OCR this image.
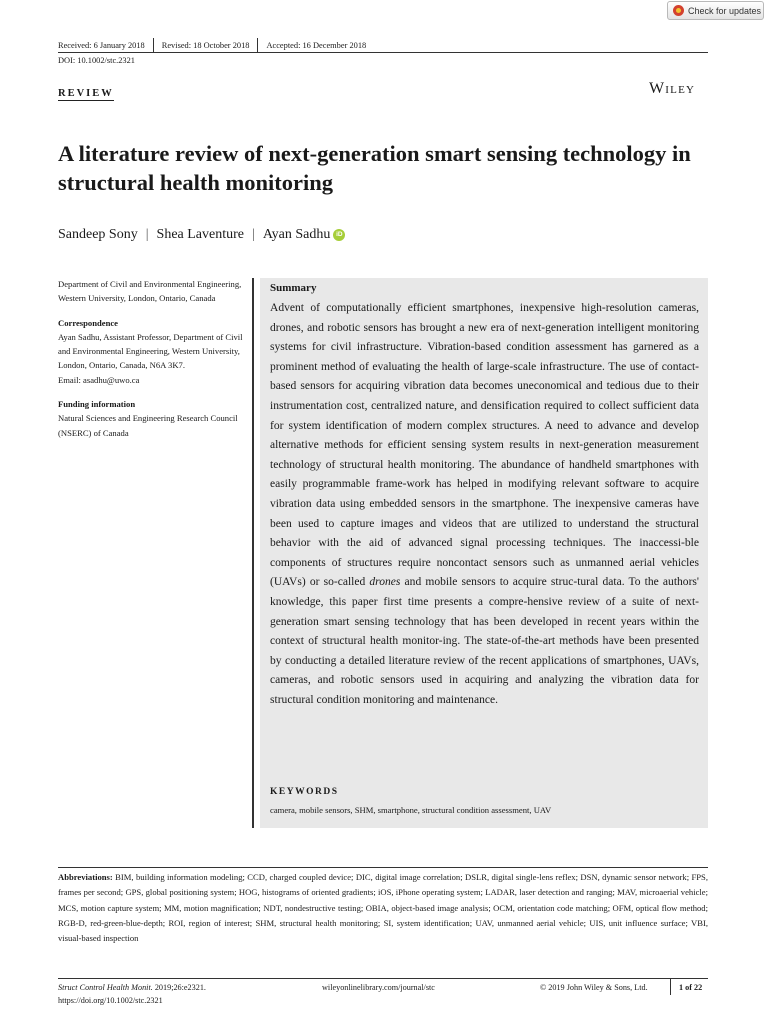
Check for updates
Received: 6 January 2018	Revised: 18 October 2018	Accepted: 16 December 2018
DOI: 10.1002/stc.2321
REVIEW	Wiley
A literature review of next-generation smart sensing technology in structural health monitoring
Sandeep Sony | Shea Laventure | Ayan Sadhu iD

Department of Civil and Environmental Engineering, Western University, London, Ontario, Canada

Correspondence

Ayan Sadhu, Assistant Professor, Department of Civil and Environmental Engineering, Western University, London, Ontario, Canada, N6A 3K7.

Email: asadhu@uwo.ca

Funding information

Natural Sciences and Engineering Research Council (NSERC) of Canada

Summary

Advent of computationally efficient smartphones, inexpensive high-resolution cameras, drones, and robotic sensors has brought a new era of next-generation intelligent monitoring systems for civil infrastructure. Vibration-based condition assessment has garnered as a prominent method of evaluating the health of large-scale infrastructure. The use of contact-based sensors for acquiring vibration data becomes uneconomical and tedious due to their instrumentation cost, centralized nature, and densification required to collect sufficient data for system identification of modern complex structures. A need to advance and develop alternative methods for efficient sensing system results in next-generation measurement technology of structural health monitoring. The abundance of handheld smartphones with easily programmable frame-work has helped in modifying relevant software to acquire vibration data using embedded sensors in the smartphone. The inexpensive cameras have been used to capture images and videos that are utilized to understand the structural behavior with the aid of advanced signal processing techniques. The inaccessi-ble components of structures require noncontact sensors such as unmanned aerial vehicles (UAVs) or so-called drones and mobile sensors to acquire struc-tural data. To the authors' knowledge, this paper first time presents a compre-hensive review of a suite of next-generation smart sensing technology that has been developed in recent years within the context of structural health monitor-ing. The state-of-the-art methods have been presented by conducting a detailed literature review of the recent applications of smartphones, UAVs, cameras, and robotic sensors used in acquiring and analyzing the vibration data for structural condition monitoring and maintenance.

KEYWORDS
camera, mobile sensors, SHM, smartphone, structural condition assessment, UAV

Abbreviations: BIM, building information modeling; CCD, charged coupled device; DIC, digital image correlation; DSLR, digital single-lens reflex; DSN, dynamic sensor network; FPS, frames per second; GPS, global positioning system; HOG, histograms of oriented gradients; iOS, iPhone operating system; LADAR, laser detection and ranging; MAV, microaerial vehicle; MCS, motion capture system; MM, motion magnification; NDT, nondestructive testing; OBIA, object-based image analysis; OCM, orientation code matching; OFM, optical flow method; RGB-D, red-green-blue-depth; ROI, region of interest; SHM, structural health monitoring; SI, system identification; UAV, unmanned aerial vehicle; UIS, unit influence surface; VBI, visual-based inspection

Struct Control Health Monit. 2019;26:e2321.
https://doi.org/10.1002/stc.2321
wileyonlinelibrary.com/journal/stc	© 2019 John Wiley & Sons, Ltd.	1 of 22
